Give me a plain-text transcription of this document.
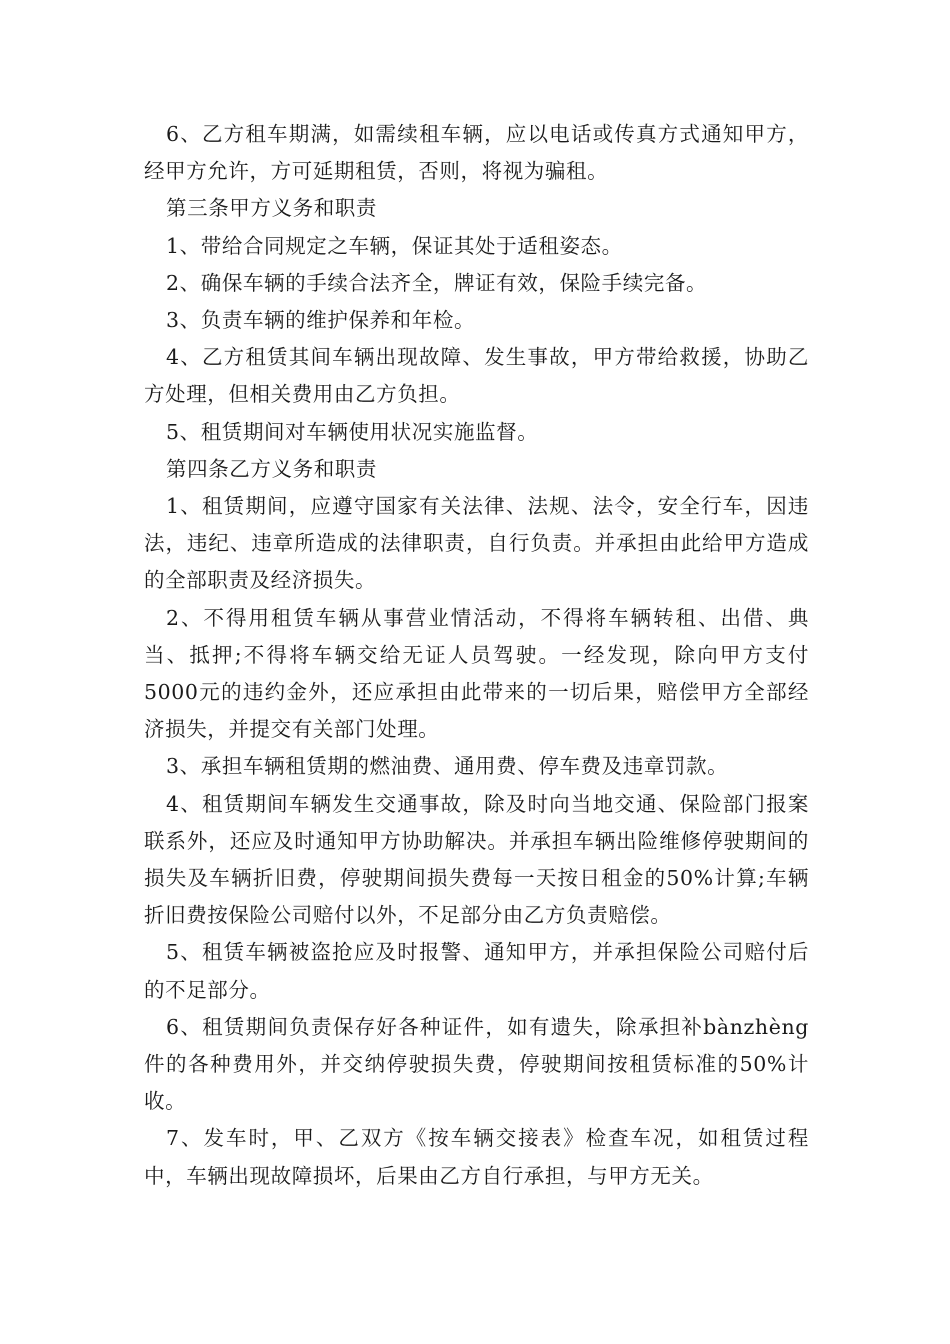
6、乙方租车期满，如需续租车辆，应以电话或传真方式通知甲方，经甲方允许，方可延期租赁，否则，将视为骗租。

第三条甲方义务和职责

1、带给合同规定之车辆，保证其处于适租姿态。

2、确保车辆的手续合法齐全，牌证有效，保险手续完备。

3、负责车辆的维护保养和年检。

4、乙方租赁其间车辆出现故障、发生事故，甲方带给救援，协助乙方处理，但相关费用由乙方负担。

5、租赁期间对车辆使用状况实施监督。

第四条乙方义务和职责

1、租赁期间，应遵守国家有关法律、法规、法令，安全行车，因违法，违纪、违章所造成的法律职责，自行负责。并承担由此给甲方造成的全部职责及经济损失。

2、不得用租赁车辆从事营业情活动，不得将车辆转租、出借、典当、抵押;不得将车辆交给无证人员驾驶。一经发现，除向甲方支付5000元的违约金外，还应承担由此带来的一切后果，赔偿甲方全部经济损失，并提交有关部门处理。

3、承担车辆租赁期的燃油费、通用费、停车费及违章罚款。

4、租赁期间车辆发生交通事故，除及时向当地交通、保险部门报案联系外，还应及时通知甲方协助解决。并承担车辆出险维修停驶期间的损失及车辆折旧费，停驶期间损失费每一天按日租金的50%计算;车辆折旧费按保险公司赔付以外，不足部分由乙方负责赔偿。

5、租赁车辆被盗抢应及时报警、通知甲方，并承担保险公司赔付后的不足部分。

6、租赁期间负责保存好各种证件，如有遗失，除承担补bànzhèng件的各种费用外，并交纳停驶损失费，停驶期间按租赁标准的50%计收。

7、发车时，甲、乙双方《按车辆交接表》检查车况，如租赁过程中，车辆出现故障损坏，后果由乙方自行承担，与甲方无关。
